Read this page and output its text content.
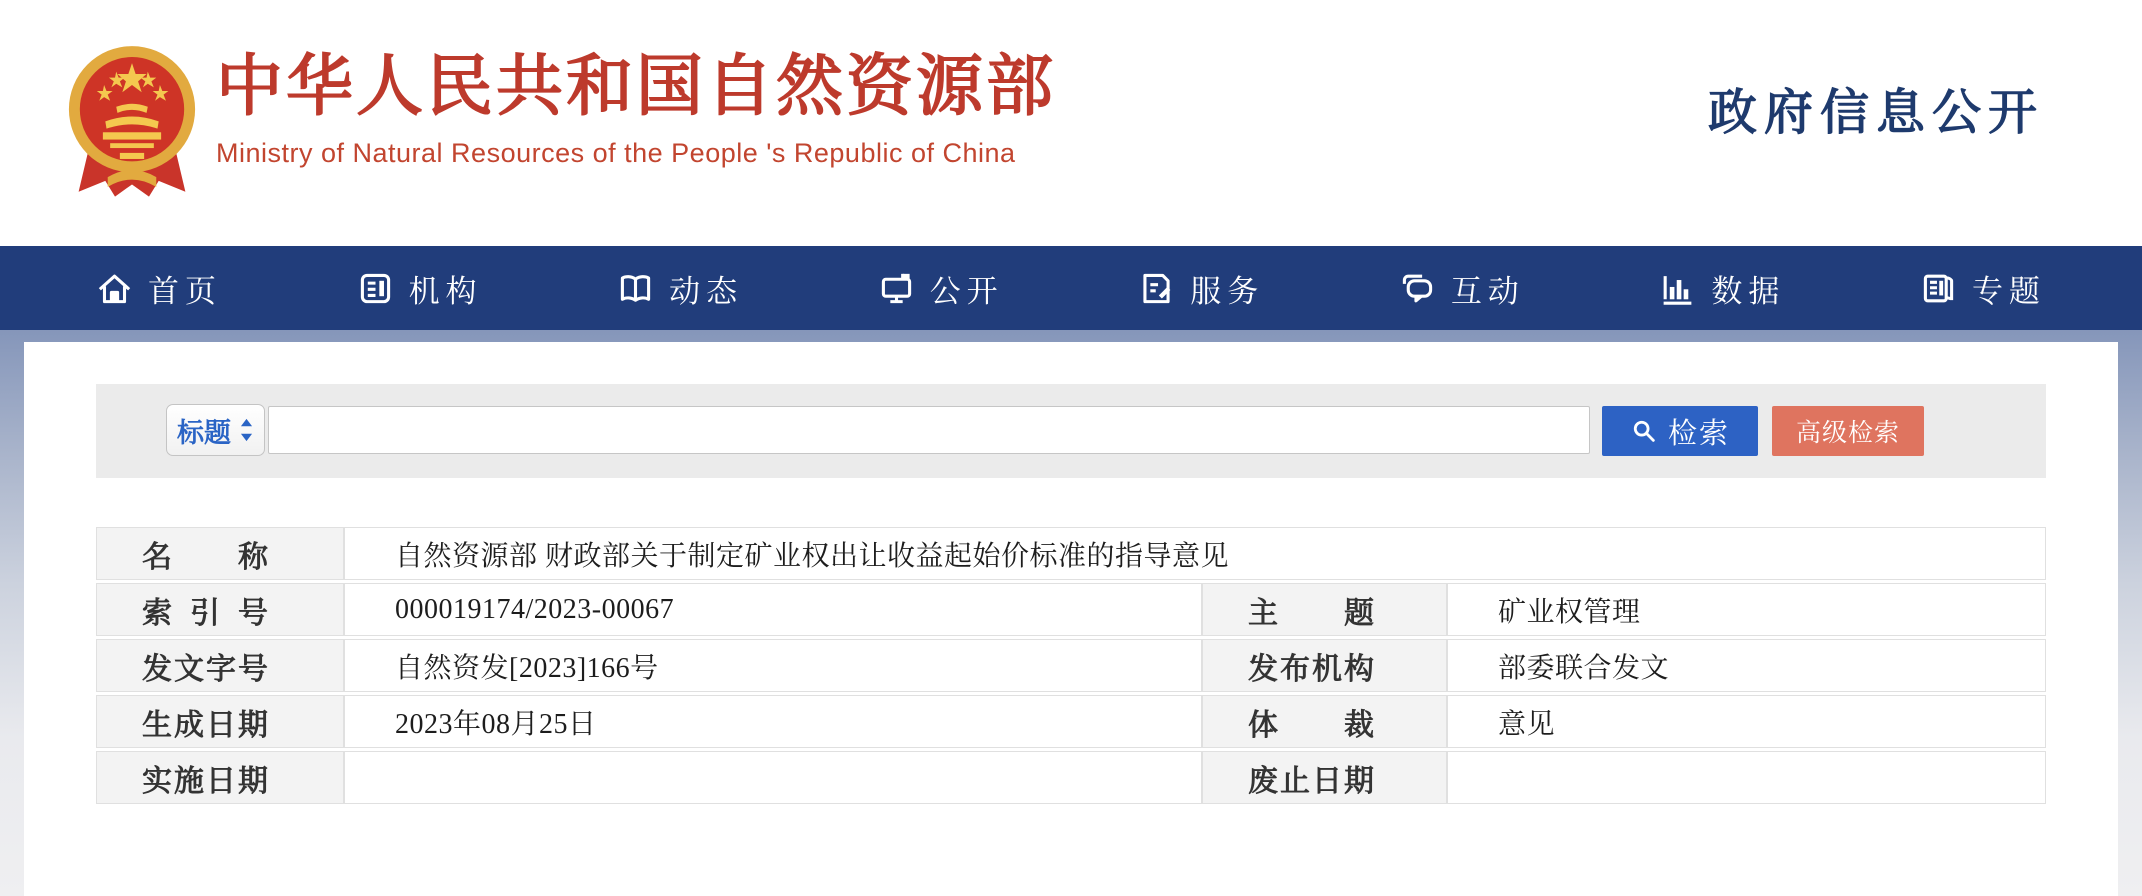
中华人民共和国自然资源部
Ministry of Natural Resources of the People 's Republic of China
政府信息公开
首页	机构	动态	公开	服务	互动	数据	专题
标题	检索	高级检索
名称	自然资源部 财政部关于制定矿业权出让收益起始价标准的指导意见		
索引号	000019174/2023-00067	主题	矿业权管理
发文字号	自然资发[2023]166号	发布机构	部委联合发文
生成日期	2023年08月25日	体裁	意见
实施日期		废止日期	
